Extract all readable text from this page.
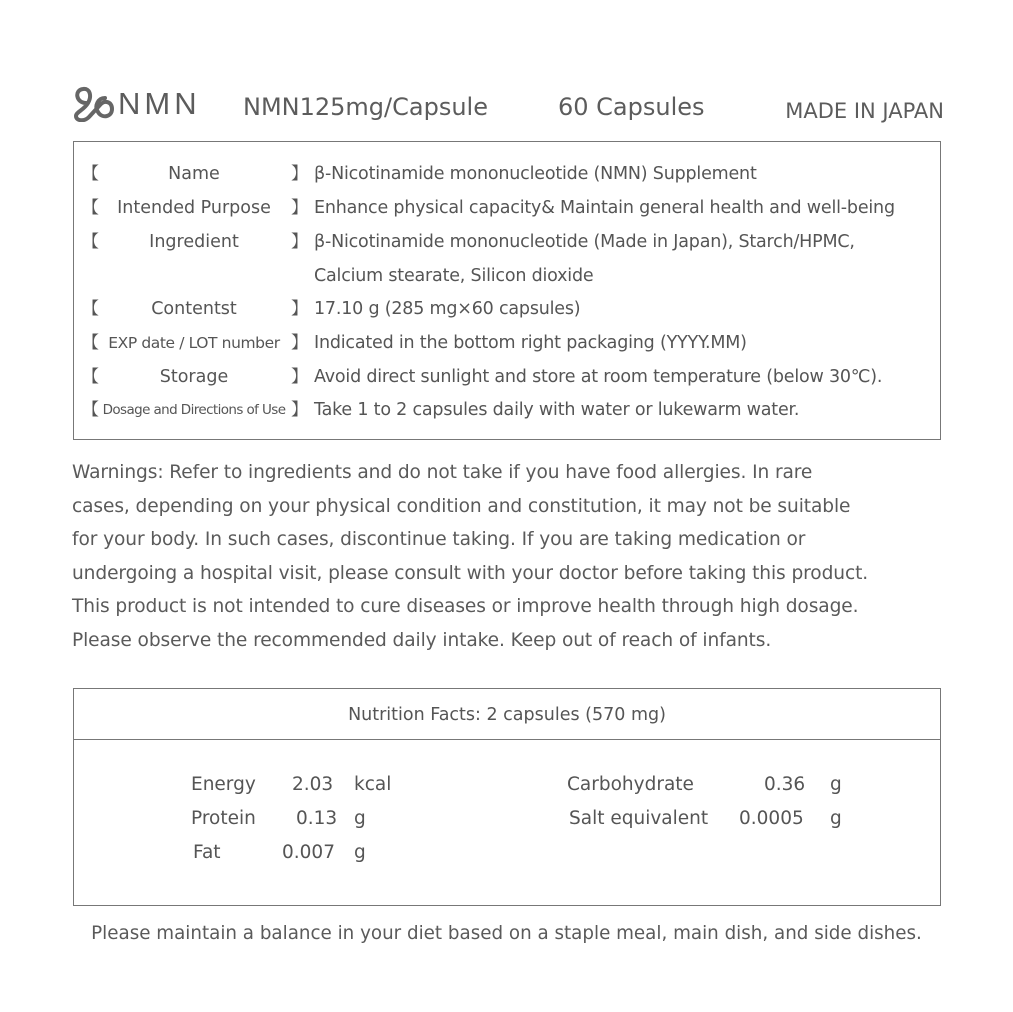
NMN NMN125mg/Capsule	60 Capsules	MADE IN JAPAN
【	Name	】 β-Nicotinamide mononucleotide (NMN) Supplement
【	Intended Purpose	】 Enhance physical capacity& Maintain general health and well-being
【	Ingredient	】 β-Nicotinamide mononucleotide (Made in Japan), Starch/HPMC,
Calcium stearate, Silicon dioxide
【	Contentst	】 17.10 g (285 mg×60 capsules)
【 EXP date / LOT number 】 Indicated in the bottom right packaging (YYYY.MM)
【	Storage	】 Avoid direct sunlight and store at room temperature (below 30℃).
【 Dosage and Directions of Use 】 Take 1 to 2 capsules daily with water or lukewarm water.
Warnings: Refer to ingredients and do not take if you have food allergies. In rare
cases, depending on your physical condition and constitution, it may not be suitable
for your body. In such cases, discontinue taking. If you are taking medication or
undergoing a hospital visit, please consult with your doctor before taking this product.
This product is not intended to cure diseases or improve health through high dosage.
Please observe the recommended daily intake. Keep out of reach of infants.
Nutrition Facts: 2 capsules (570 mg)
Energy 2.03 kcal
Protein 0.13 g
Fat	0.007 g
Carbohydrate	0.36 g
Salt equivalent 0.0005 g
Please maintain a balance in your diet based on a staple meal, main dish, and side dishes.
